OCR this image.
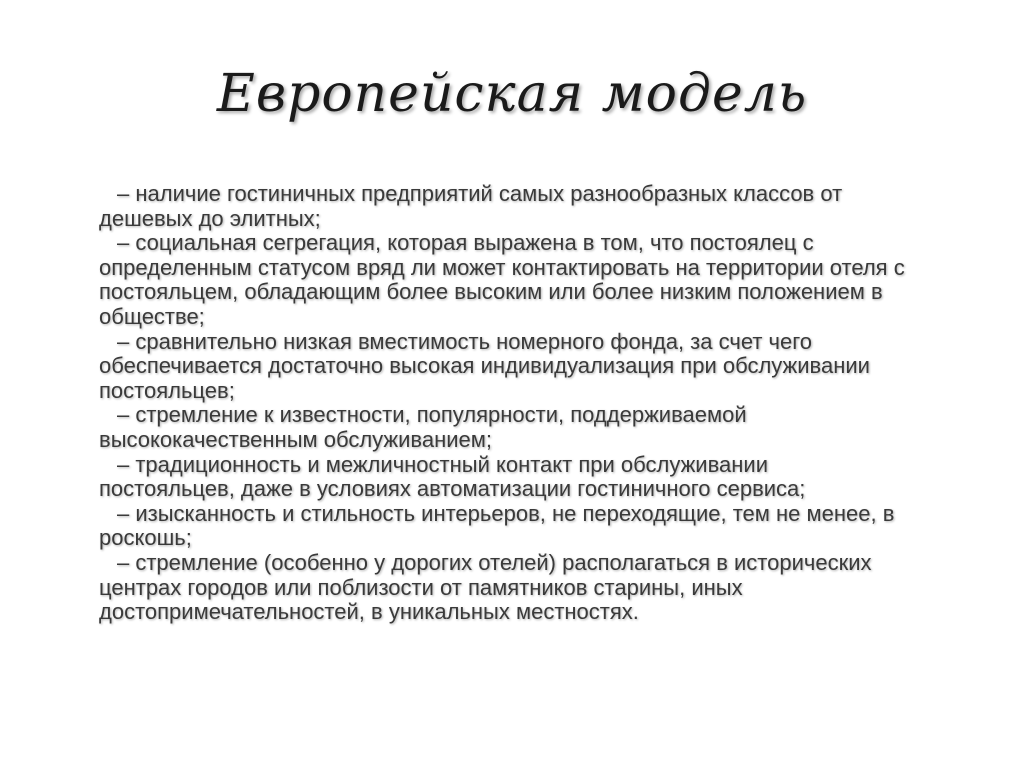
Европейская модель
– наличие гостиничных предприятий самых разнообразных классов от
дешевых до элитных;
– социальная сегрегация, которая выражена в том, что постоялец с
определенным статусом вряд ли может контактировать на территории отеля с
постояльцем, обладающим более высоким или более низким положением в
обществе;
– сравнительно низкая вместимость номерного фонда, за счет чего
обеспечивается достаточно высокая индивидуализация при обслуживании
постояльцев;
– стремление к известности, популярности, поддерживаемой
высококачественным обслуживанием;
– традиционность и межличностный контакт при обслуживании
постояльцев, даже в условиях автоматизации гостиничного сервиса;
– изысканность и стильность интерьеров, не переходящие, тем не менее, в
роскошь;
– стремление (особенно у дорогих отелей) располагаться в исторических
центрах городов или поблизости от памятников старины, иных
достопримечательностей, в уникальных местностях.
